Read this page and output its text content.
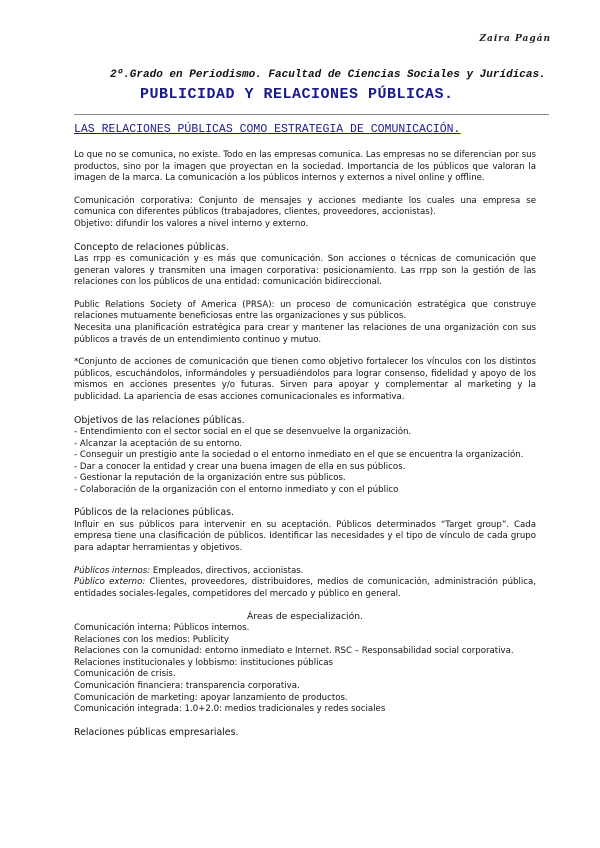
Zaira Pagán
2º.Grado en Periodismo. Facultad de Ciencias Sociales y Jurídicas.
PUBLICIDAD Y RELACIONES PÚBLICAS.
LAS RELACIONES PÚBLICAS COMO ESTRATEGIA DE COMUNICACIÓN.

Lo que no se comunica, no existe. Todo en las empresas comunica. Las empresas no se diferencian por sus productos, sino por la imagen que proyectan en la sociedad. Importancia de los públicos que valoran la imagen de la marca. La comunicación a los públicos internos y externos a nivel online y offline.

Comunicación corporativa: Conjunto de mensajes y acciones mediante los cuales una empresa se comunica con diferentes públicos (trabajadores, clientes, proveedores, accionistas).

Objetivo: difundir los valores a nivel interno y externo.

Concepto de relaciones públicas.

Las rrpp es comunicación y es más que comunicación. Son acciones o técnicas de comunicación que generan valores y transmiten una imagen corporativa: posicionamiento. Las rrpp son la gestión de las relaciones con los públicos de una entidad: comunicación bidireccional.

Public Relations Society of America (PRSA): un proceso de comunicación estratégica que construye relaciones mutuamente beneficiosas entre las organizaciones y sus públicos.

Necesita una planificación estratégica para crear y mantener las relaciones de una organización con sus públicos a través de un entendimiento continuo y mutuo.

*Conjunto de acciones de comunicación que tienen como objetivo fortalecer los vínculos con los distintos públicos, escuchándolos, informándoles y persuadiéndolos para lograr consenso, fidelidad y apoyo de los mismos en acciones presentes y/o futuras. Sirven para apoyar y complementar al marketing y la publicidad. La apariencia de esas acciones comunicacionales es informativa.

Objetivos de las relaciones públicas.

- Entendimiento con el sector social en el que se desenvuelve la organización.

- Alcanzar la aceptación de su entorno.

- Conseguir un prestigio ante la sociedad o el entorno inmediato en el que se encuentra la organización.

- Dar a conocer la entidad y crear una buena imagen de ella en sus públicos.

- Gestionar la reputación de la organización entre sus públicos.

- Colaboración de la organización con el entorno inmediato y con el público

Públicos de la relaciones públicas.

Influir en sus públicos para intervenir en su aceptación. Públicos determinados “Target group”. Cada empresa tiene una clasificación de públicos. Identificar las necesidades y el tipo de vínculo de cada grupo para adaptar herramientas y objetivos.

Públicos internos: Empleados, directivos, accionistas.

Público externo: Clientes, proveedores, distribuidores, medios de comunicación, administración pública, entidades sociales-legales, competidores del mercado y público en general.

Áreas de especialización.

Comunicación interna: Públicos internos.

Relaciones con los medios: Publicity

Relaciones con la comunidad: entorno inmediato e Internet. RSC – Responsabilidad social corporativa.

Relaciones institucionales y lobbismo: instituciones públicas

Comunicación de crisis.

Comunicación financiera: transparencia corporativa.

Comunicación de marketing: apoyar lanzamiento de productos.

Comunicación integrada: 1.0+2.0: medios tradicionales y redes sociales

Relaciones públicas empresariales.
